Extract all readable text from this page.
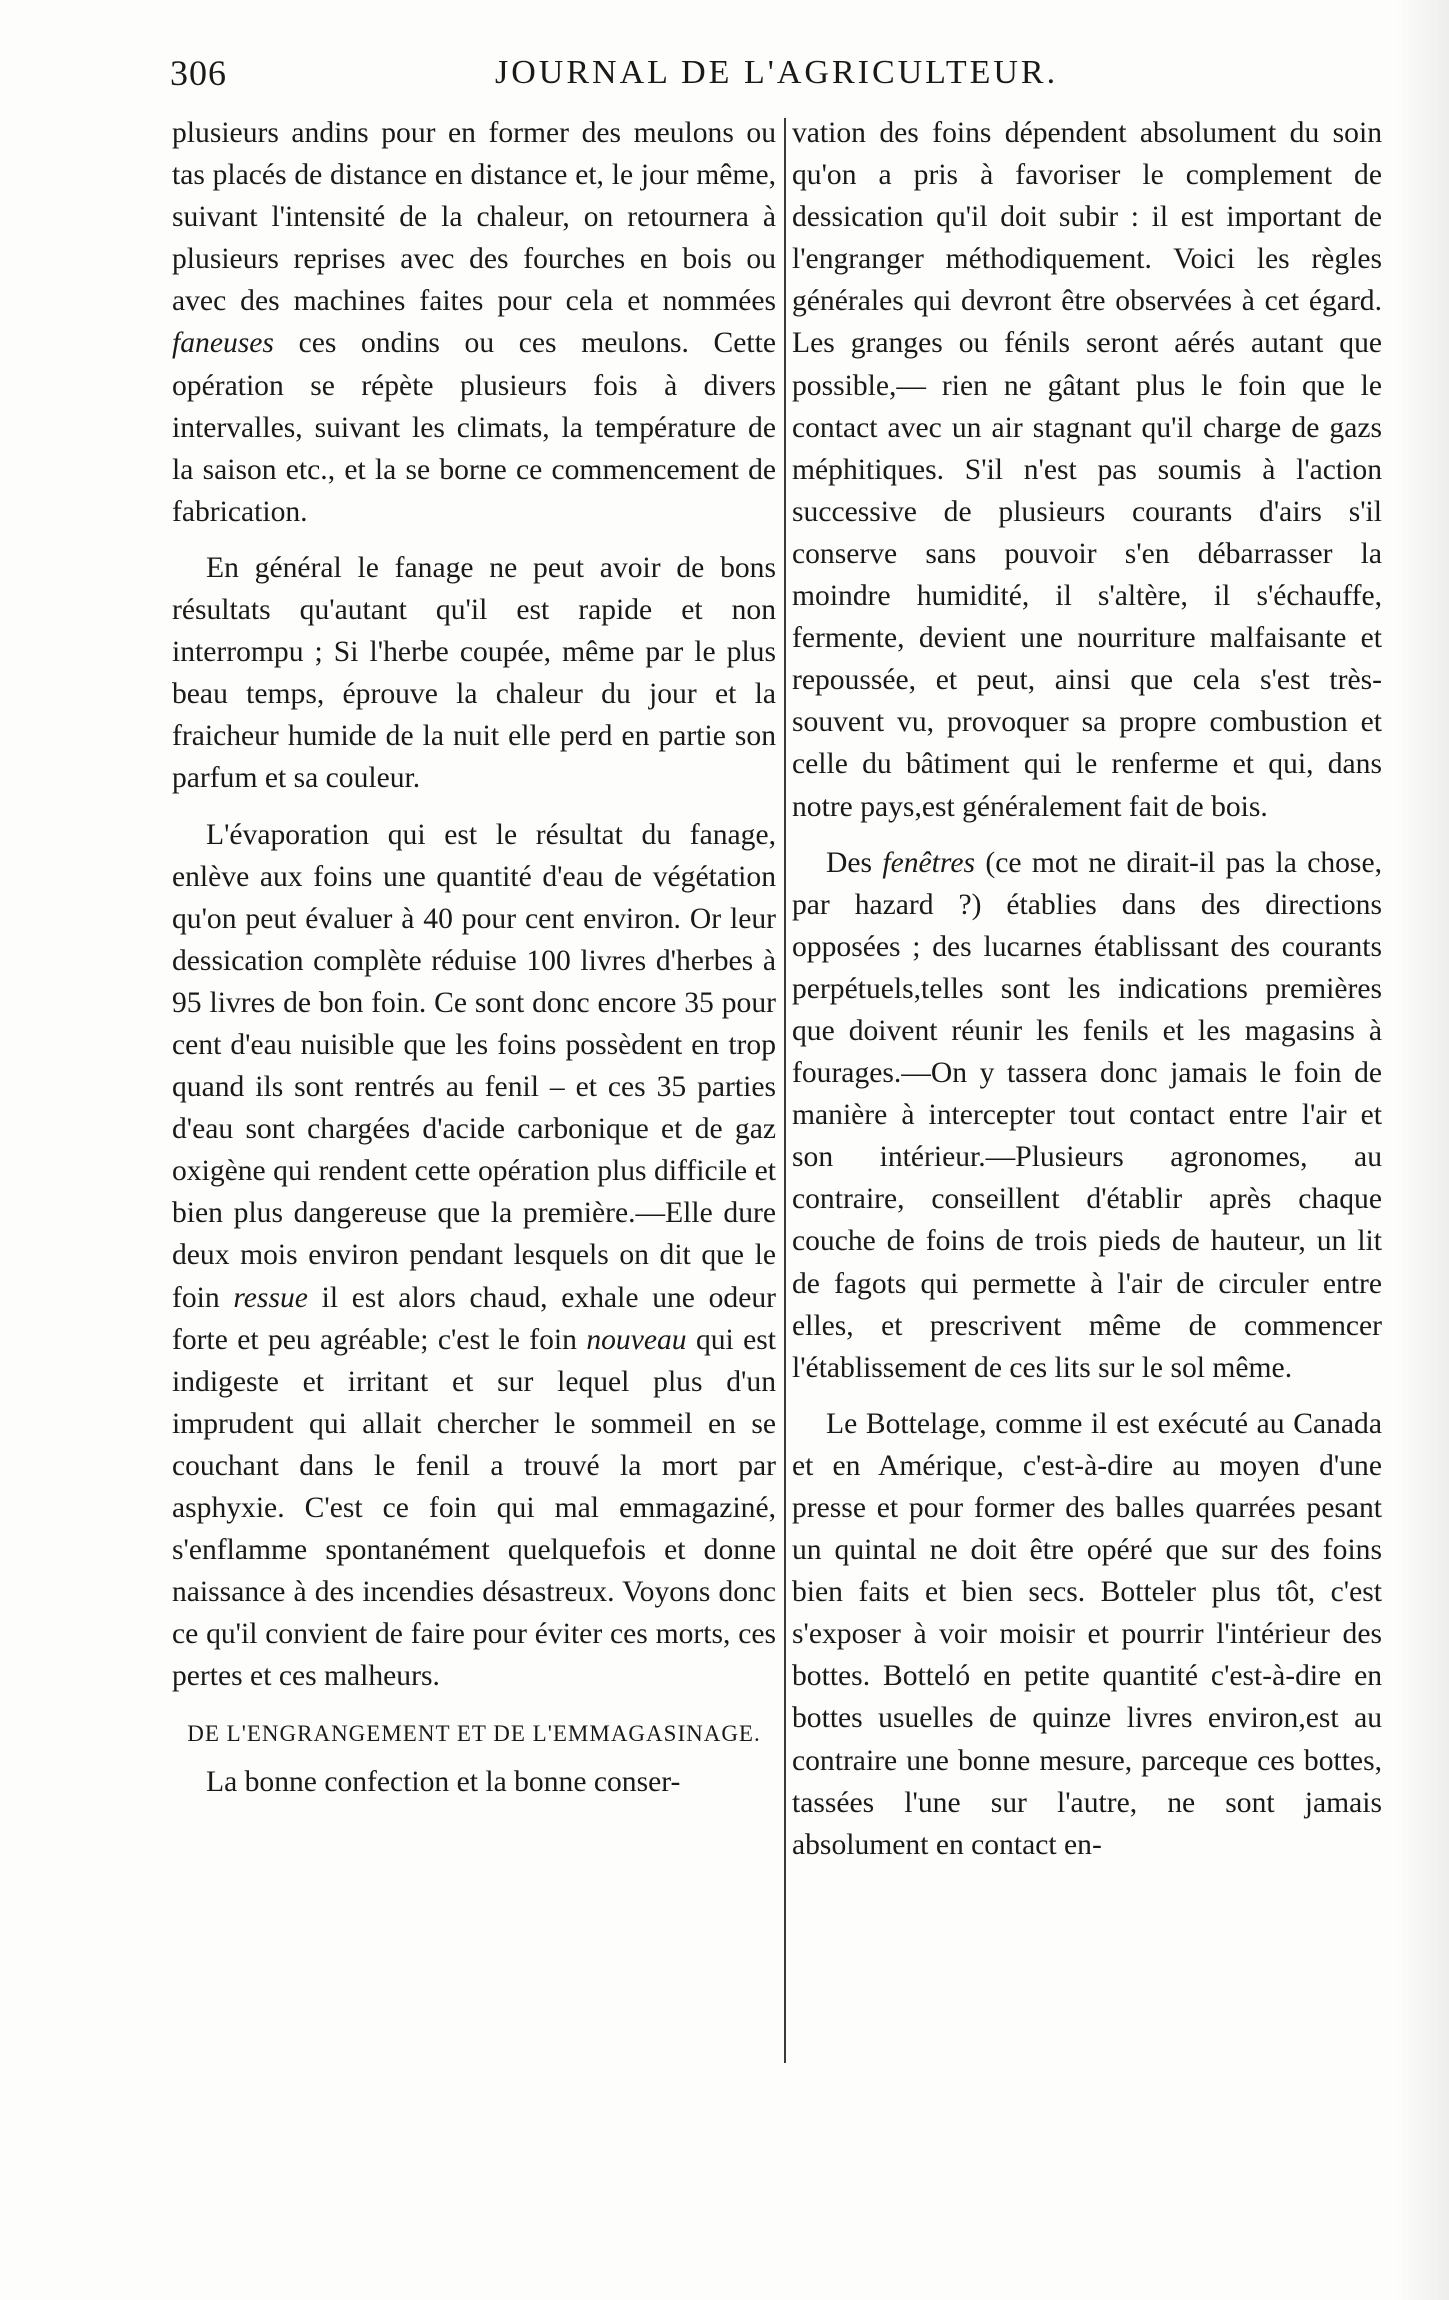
306	JOURNAL DE L'AGRICULTEUR.

plusieurs andins pour en former des meulons ou tas placés de distance en distance et, le jour même, suivant l'intensité de la chaleur, on retournera à plusieurs reprises avec des fourches en bois ou avec des machines faites pour cela et nommées faneuses ces ondins ou ces meulons. Cette opération se répète plusieurs fois à divers intervalles, suivant les climats, la température de la saison etc., et la se borne ce commencement de fabrication.

En général le fanage ne peut avoir de bons résultats qu'autant qu'il est rapide et non interrompu ; Si l'herbe coupée, même par le plus beau temps, éprouve la chaleur du jour et la fraicheur humide de la nuit elle perd en partie son parfum et sa couleur.

L'évaporation qui est le résultat du fanage, enlève aux foins une quantité d'eau de végétation qu'on peut évaluer à 40 pour cent environ. Or leur dessication complète réduise 100 livres d'herbes à 95 livres de bon foin. Ce sont donc encore 35 pour cent d'eau nuisible que les foins possèdent en trop quand ils sont rentrés au fenil – et ces 35 parties d'eau sont chargées d'acide carbonique et de gaz oxigène qui rendent cette opération plus difficile et bien plus dangereuse que la première.—Elle dure deux mois environ pendant lesquels on dit que le foin ressue il est alors chaud, exhale une odeur forte et peu agréable; c'est le foin nouveau qui est indigeste et irritant et sur lequel plus d'un imprudent qui allait chercher le sommeil en se couchant dans le fenil a trouvé la mort par asphyxie. C'est ce foin qui mal emmagaziné, s'enflamme spontanément quelquefois et donne naissance à des incendies désastreux. Voyons donc ce qu'il convient de faire pour éviter ces morts, ces pertes et ces malheurs.

DE L'ENGRANGEMENT ET DE L'EMMAGASINAGE.

La bonne confection et la bonne conser-

vation des foins dépendent absolument du soin qu'on a pris à favoriser le complement de dessication qu'il doit subir : il est important de l'engranger méthodiquement. Voici les règles générales qui devront être observées à cet égard. Les granges ou fénils seront aérés autant que possible,— rien ne gâtant plus le foin que le contact avec un air stagnant qu'il charge de gazs méphitiques. S'il n'est pas soumis à l'action successive de plusieurs courants d'airs s'il conserve sans pouvoir s'en débarrasser la moindre humidité, il s'altère, il s'échauffe, fermente, devient une nourriture malfaisante et repoussée, et peut, ainsi que cela s'est très-souvent vu, provoquer sa propre combustion et celle du bâtiment qui le renferme et qui, dans notre pays,est généralement fait de bois.

Des fenêtres (ce mot ne dirait-il pas la chose, par hazard ?) établies dans des directions opposées ; des lucarnes établissant des courants perpétuels,telles sont les indications premières que doivent réunir les fenils et les magasins à fourages.—On y tassera donc jamais le foin de manière à intercepter tout contact entre l'air et son intérieur.—Plusieurs agronomes, au contraire, conseillent d'établir après chaque couche de foins de trois pieds de hauteur, un lit de fagots qui permette à l'air de circuler entre elles, et prescrivent même de commencer l'établissement de ces lits sur le sol même.

Le Bottelage, comme il est exécuté au Canada et en Amérique, c'est-à-dire au moyen d'une presse et pour former des balles quarrées pesant un quintal ne doit être opéré que sur des foins bien faits et bien secs. Botteler plus tôt, c'est s'exposer à voir moisir et pourrir l'intérieur des bottes. Botteló en petite quantité c'est-à-dire en bottes usuelles de quinze livres environ,est au contraire une bonne mesure, parceque ces bottes, tassées l'une sur l'autre, ne sont jamais absolument en contact en-
